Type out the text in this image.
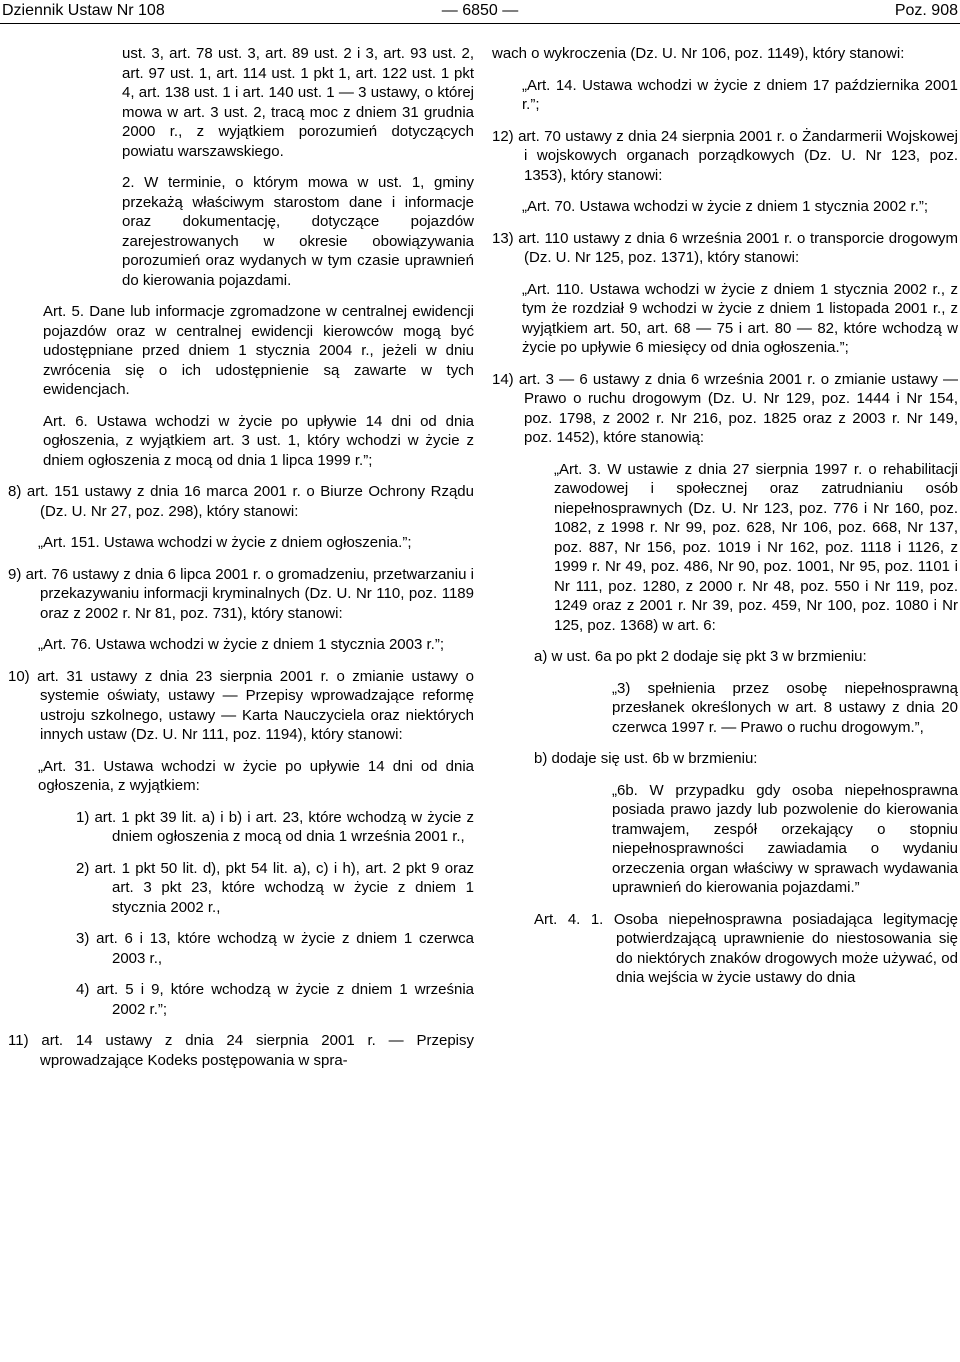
Dziennik Ustaw Nr 108	— 6850 —	Poz. 908

ust. 3, art. 78 ust. 3, art. 89 ust. 2 i 3, art. 93 ust. 2, art. 97 ust. 1, art. 114 ust. 1 pkt 1, art. 122 ust. 1 pkt 4, art. 138 ust. 1 i art. 140 ust. 1 — 3 ustawy, o której mowa w art. 3 ust. 2, tracą moc z dniem 31 grudnia 2000 r., z wyjątkiem porozumień dotyczących powiatu warszawskiego.

2. W terminie, o którym mowa w ust. 1, gminy przekażą właściwym starostom dane i informacje oraz dokumentację, dotyczące pojazdów zarejestrowanych w okresie obowiązywania porozumień oraz wydanych w tym czasie uprawnień do kierowania pojazdami.

Art. 5. Dane lub informacje zgromadzone w centralnej ewidencji pojazdów oraz w centralnej ewidencji kierowców mogą być udostępniane przed dniem 1 stycznia 2004 r., jeżeli w dniu zwrócenia się o ich udostępnienie są zawarte w tych ewidencjach.

Art. 6. Ustawa wchodzi w życie po upływie 14 dni od dnia ogłoszenia, z wyjątkiem art. 3 ust. 1, który wchodzi w życie z dniem ogłoszenia z mocą od dnia 1 lipca 1999 r.”;

8) art. 151 ustawy z dnia 16 marca 2001 r. o Biurze Ochrony Rządu (Dz. U. Nr 27, poz. 298), który stanowi:

„Art. 151. Ustawa wchodzi w życie z dniem ogłoszenia.”;

9) art. 76 ustawy z dnia 6 lipca 2001 r. o gromadzeniu, przetwarzaniu i przekazywaniu informacji kryminalnych (Dz. U. Nr 110, poz. 1189 oraz z 2002 r. Nr 81, poz. 731), który stanowi:

„Art. 76. Ustawa wchodzi w życie z dniem 1 stycznia 2003 r.”;

10) art. 31 ustawy z dnia 23 sierpnia 2001 r. o zmianie ustawy o systemie oświaty, ustawy — Przepisy wprowadzające reformę ustroju szkolnego, ustawy — Karta Nauczyciela oraz niektórych innych ustaw (Dz. U. Nr 111, poz. 1194), który stanowi:

„Art. 31. Ustawa wchodzi w życie po upływie 14 dni od dnia ogłoszenia, z wyjątkiem:

1) art. 1 pkt 39 lit. a) i b) i art. 23, które wchodzą w życie z dniem ogłoszenia z mocą od dnia 1 września 2001 r.,

2) art. 1 pkt 50 lit. d), pkt 54 lit. a), c) i h), art. 2 pkt 9 oraz art. 3 pkt 23, które wchodzą w życie z dniem 1 stycznia 2002 r.,

3) art. 6 i 13, które wchodzą w życie z dniem 1 czerwca 2003 r.,

4) art. 5 i 9, które wchodzą w życie z dniem 1 września 2002 r.”;

11) art. 14 ustawy z dnia 24 sierpnia 2001 r. — Przepisy wprowadzające Kodeks postępowania w spra-

wach o wykroczenia (Dz. U. Nr 106, poz. 1149), który stanowi:

„Art. 14. Ustawa wchodzi w życie z dniem 17 października 2001 r.”;

12) art. 70 ustawy z dnia 24 sierpnia 2001 r. o Żandarmerii Wojskowej i wojskowych organach porządkowych (Dz. U. Nr 123, poz. 1353), który stanowi:

„Art. 70. Ustawa wchodzi w życie z dniem 1 stycznia 2002 r.”;

13) art. 110 ustawy z dnia 6 września 2001 r. o transporcie drogowym (Dz. U. Nr 125, poz. 1371), który stanowi:

„Art. 110. Ustawa wchodzi w życie z dniem 1 stycznia 2002 r., z tym że rozdział 9 wchodzi w życie z dniem 1 listopada 2001 r., z wyjątkiem art. 50, art. 68 — 75 i art. 80 — 82, które wchodzą w życie po upływie 6 miesięcy od dnia ogłoszenia.”;

14) art. 3 — 6 ustawy z dnia 6 września 2001 r. o zmianie ustawy — Prawo o ruchu drogowym (Dz. U. Nr 129, poz. 1444 i Nr 154, poz. 1798, z 2002 r. Nr 216, poz. 1825 oraz z 2003 r. Nr 149, poz. 1452), które stanowią:

„Art. 3. W ustawie z dnia 27 sierpnia 1997 r. o rehabilitacji zawodowej i społecznej oraz zatrudnianiu osób niepełnosprawnych (Dz. U. Nr 123, poz. 776 i Nr 160, poz. 1082, z 1998 r. Nr 99, poz. 628, Nr 106, poz. 668, Nr 137, poz. 887, Nr 156, poz. 1019 i Nr 162, poz. 1118 i 1126, z 1999 r. Nr 49, poz. 486, Nr 90, poz. 1001, Nr 95, poz. 1101 i Nr 111, poz. 1280, z 2000 r. Nr 48, poz. 550 i Nr 119, poz. 1249 oraz z 2001 r. Nr 39, poz. 459, Nr 100, poz. 1080 i Nr 125, poz. 1368) w art. 6:

a) w ust. 6a po pkt 2 dodaje się pkt 3 w brzmieniu:

„3) spełnienia przez osobę niepełnosprawną przesłanek określonych w art. 8 ustawy z dnia 20 czerwca 1997 r. — Prawo o ruchu drogowym.”,

b) dodaje się ust. 6b w brzmieniu:

„6b. W przypadku gdy osoba niepełnosprawna posiada prawo jazdy lub pozwolenie do kierowania tramwajem, zespół orzekający o stopniu niepełnosprawności zawiadamia o wydaniu orzeczenia organ właściwy w sprawach wydawania uprawnień do kierowania pojazdami.”

Art. 4. 1. Osoba niepełnosprawna posiadająca legitymację potwierdzającą uprawnienie do niestosowania się do niektórych znaków drogowych może używać, od dnia wejścia w życie ustawy do dnia
